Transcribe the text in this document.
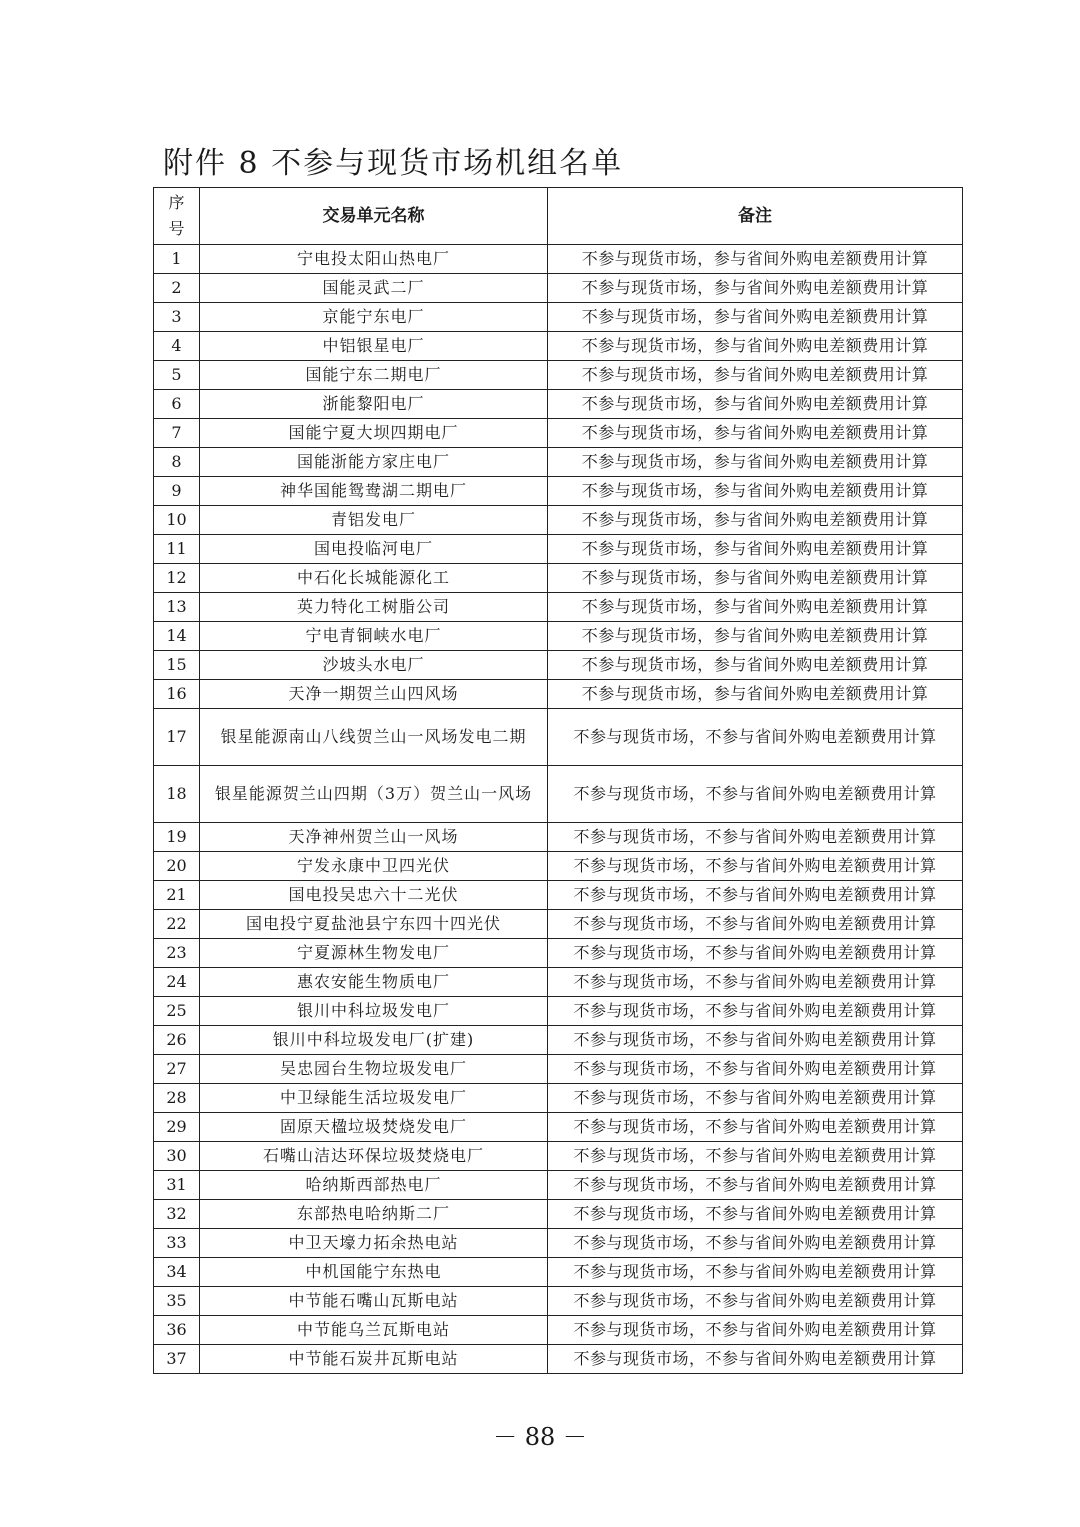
附件 8 不参与现货市场机组名单
序号	交易单元名称	备注
1	宁电投太阳山热电厂	不参与现货市场，参与省间外购电差额费用计算
2	国能灵武二厂	不参与现货市场，参与省间外购电差额费用计算
3	京能宁东电厂	不参与现货市场，参与省间外购电差额费用计算
4	中铝银星电厂	不参与现货市场，参与省间外购电差额费用计算
5	国能宁东二期电厂	不参与现货市场，参与省间外购电差额费用计算
6	浙能黎阳电厂	不参与现货市场，参与省间外购电差额费用计算
7	国能宁夏大坝四期电厂	不参与现货市场，参与省间外购电差额费用计算
8	国能浙能方家庄电厂	不参与现货市场，参与省间外购电差额费用计算
9	神华国能鸳鸯湖二期电厂	不参与现货市场，参与省间外购电差额费用计算
10	青铝发电厂	不参与现货市场，参与省间外购电差额费用计算
11	国电投临河电厂	不参与现货市场，参与省间外购电差额费用计算
12	中石化长城能源化工	不参与现货市场，参与省间外购电差额费用计算
13	英力特化工树脂公司	不参与现货市场，参与省间外购电差额费用计算
14	宁电青铜峡水电厂	不参与现货市场，参与省间外购电差额费用计算
15	沙坡头水电厂	不参与现货市场，参与省间外购电差额费用计算
16	天净一期贺兰山四风场	不参与现货市场，参与省间外购电差额费用计算
17	银星能源南山八线贺兰山一风场发电二期	不参与现货市场，不参与省间外购电差额费用计算
18	银星能源贺兰山四期（3万）贺兰山一风场	不参与现货市场，不参与省间外购电差额费用计算
19	天净神州贺兰山一风场	不参与现货市场，不参与省间外购电差额费用计算
20	宁发永康中卫四光伏	不参与现货市场，不参与省间外购电差额费用计算
21	国电投吴忠六十二光伏	不参与现货市场，不参与省间外购电差额费用计算
22	国电投宁夏盐池县宁东四十四光伏	不参与现货市场，不参与省间外购电差额费用计算
23	宁夏源林生物发电厂	不参与现货市场，不参与省间外购电差额费用计算
24	惠农安能生物质电厂	不参与现货市场，不参与省间外购电差额费用计算
25	银川中科垃圾发电厂	不参与现货市场，不参与省间外购电差额费用计算
26	银川中科垃圾发电厂(扩建)	不参与现货市场，不参与省间外购电差额费用计算
27	吴忠园台生物垃圾发电厂	不参与现货市场，不参与省间外购电差额费用计算
28	中卫绿能生活垃圾发电厂	不参与现货市场，不参与省间外购电差额费用计算
29	固原天楹垃圾焚烧发电厂	不参与现货市场，不参与省间外购电差额费用计算
30	石嘴山洁达环保垃圾焚烧电厂	不参与现货市场，不参与省间外购电差额费用计算
31	哈纳斯西部热电厂	不参与现货市场，不参与省间外购电差额费用计算
32	东部热电哈纳斯二厂	不参与现货市场，不参与省间外购电差额费用计算
33	中卫天壕力拓余热电站	不参与现货市场，不参与省间外购电差额费用计算
34	中机国能宁东热电	不参与现货市场，不参与省间外购电差额费用计算
35	中节能石嘴山瓦斯电站	不参与现货市场，不参与省间外购电差额费用计算
36	中节能乌兰瓦斯电站	不参与现货市场，不参与省间外购电差额费用计算
37	中节能石炭井瓦斯电站	不参与现货市场，不参与省间外购电差额费用计算
－ 88 －
